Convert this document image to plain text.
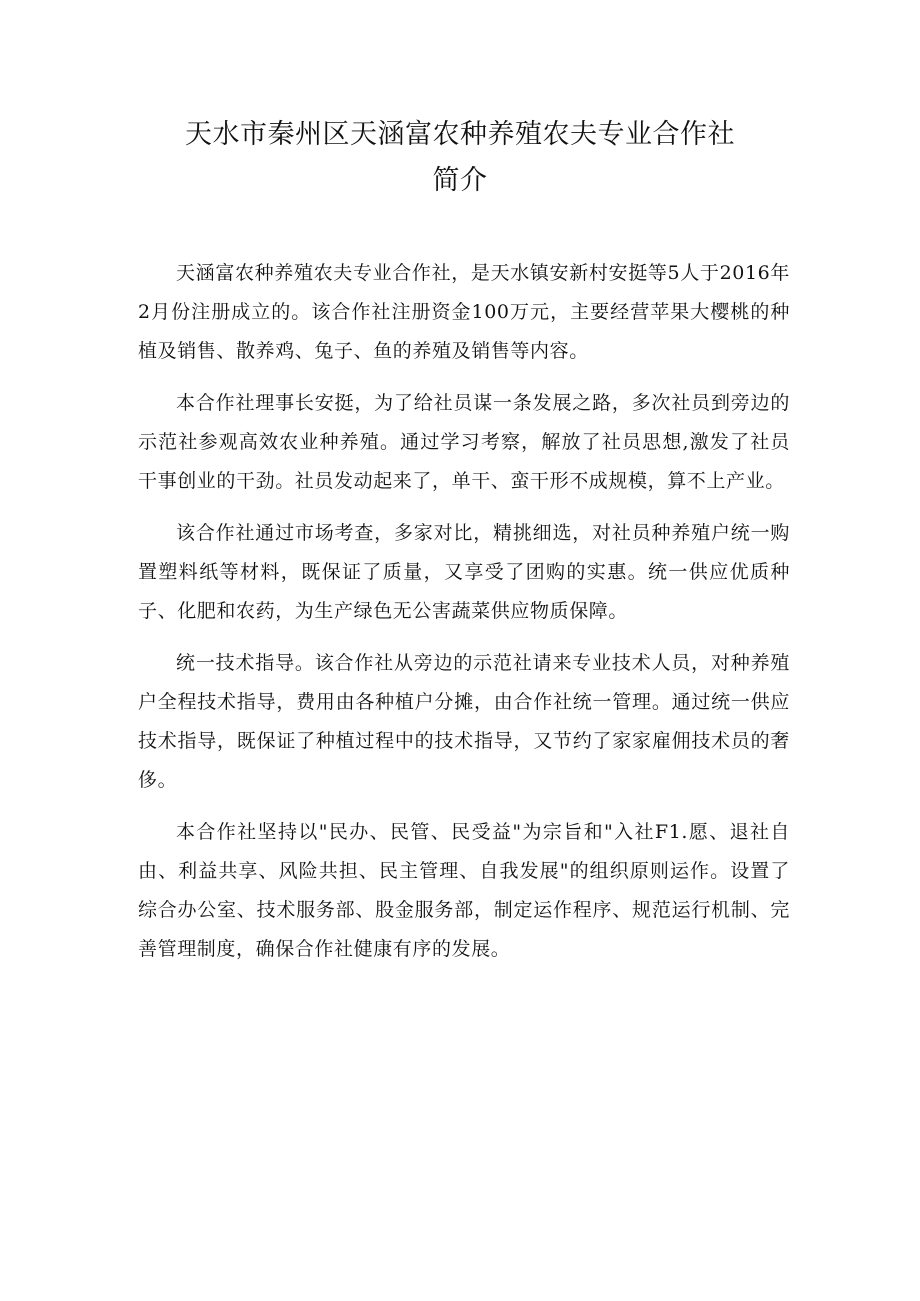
天水市秦州区天涵富农种养殖农夫专业合作社
简介

天涵富农种养殖农夫专业合作社，是天水镇安新村安挺等5人于2016年2月份注册成立的。该合作社注册资金100万元，主要经营苹果大樱桃的种植及销售、散养鸡、兔子、鱼的养殖及销售等内容。

本合作社理事长安挺，为了给社员谋一条发展之路，多次社员到旁边的示范社参观高效农业种养殖。通过学习考察，解放了社员思想,激发了社员干事创业的干劲。社员发动起来了，单干、蛮干形不成规模，算不上产业。

该合作社通过市场考查，多家对比，精挑细选，对社员种养殖户统一购置塑料纸等材料，既保证了质量，又享受了团购的实惠。统一供应优质种子、化肥和农药，为生产绿色无公害蔬菜供应物质保障。

统一技术指导。该合作社从旁边的示范社请来专业技术人员，对种养殖户全程技术指导，费用由各种植户分摊，由合作社统一管理。通过统一供应技术指导，既保证了种植过程中的技术指导，又节约了家家雇佣技术员的奢侈。

本合作社坚持以"民办、民管、民受益"为宗旨和"入社F1.愿、退社自由、利益共享、风险共担、民主管理、自我发展"的组织原则运作。设置了综合办公室、技术服务部、股金服务部，制定运作程序、规范运行机制、完善管理制度，确保合作社健康有序的发展。
